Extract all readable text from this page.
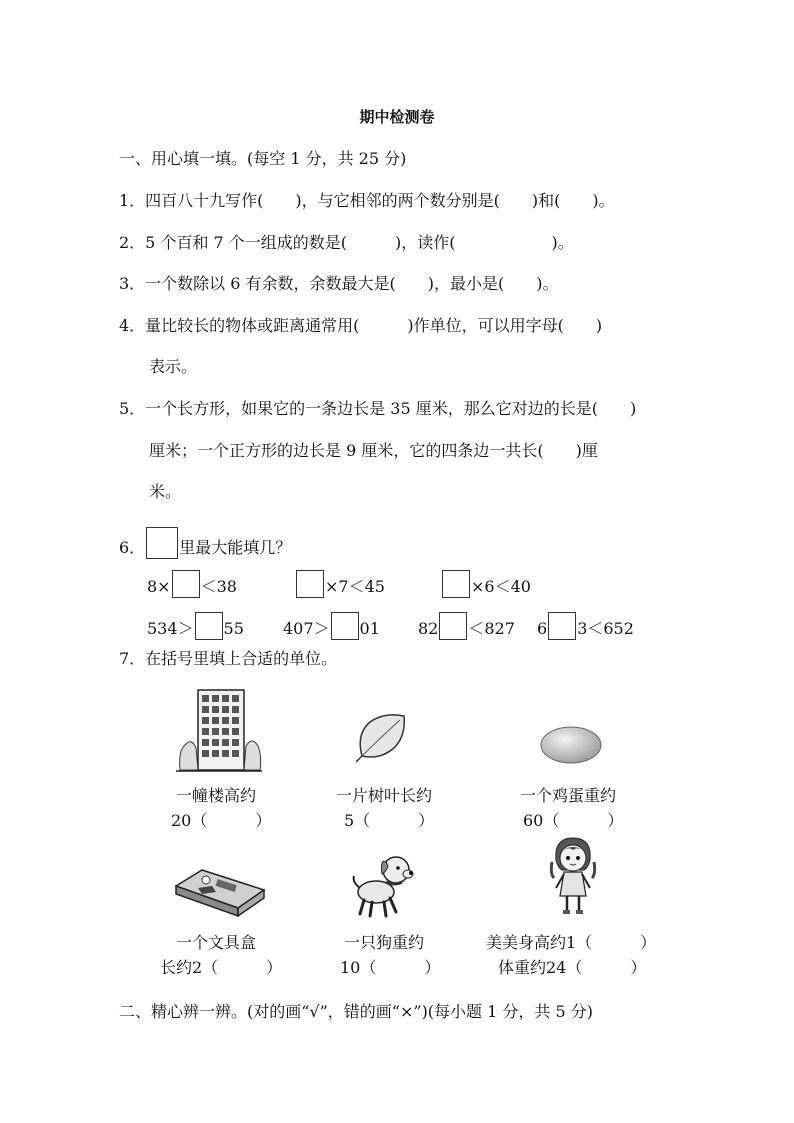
期中检测卷
一、用心填一填。(每空 1 分，共 25 分)
1．四百八十九写作(　　)，与它相邻的两个数分别是(　　)和(　　)。
2．5 个百和 7 个一组成的数是(　　　)，读作(　　　　　　)。
3．一个数除以 6 有余数，余数最大是(　　)，最小是(　　)。
4．量比较长的物体或距离通常用(　　　)作单位，可以用字母(　　)
表示。
5．一个长方形，如果它的一条边长是 35 厘米，那么它对边的长是(　　)
厘米；一个正方形的边长是 9 厘米，它的四条边一共长(　　)厘
米。
6． 里最大能填几？
8× ＜38	×7＜45	×6＜40
534＞ 55 407＞ 01 82 ＜827 6 3＜652
7．在括号里填上合适的单位。
一幢楼高约
20（　　　）
一片树叶长约
5（　　　）
一个鸡蛋重约
60（　　　）
一个文具盒
长约2（　　　）
一只狗重约
10（　　　）
美美身高约1（　　　）
体重约24（　　　）
二、精心辨一辨。(对的画“√”，错的画“×”)(每小题 1 分，共 5 分)
